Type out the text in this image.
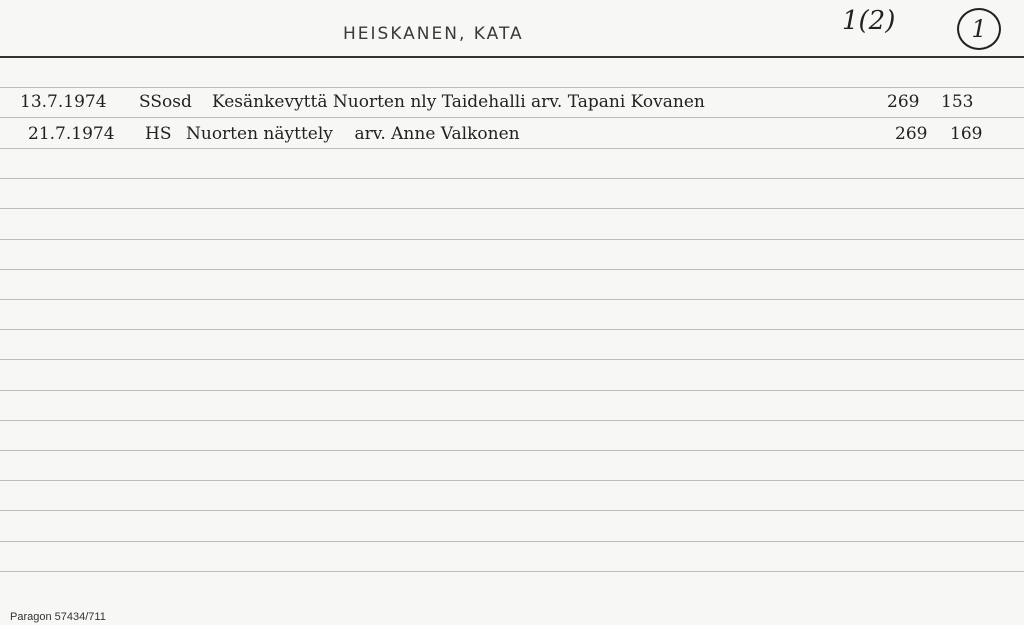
HEISKANEN, KATA	1(2)	1
13.7.1974 SSosd Kesänkevyttä Nuorten nly Taidehalli arv. Tapani Kovanen	269 153
21.7.1974 HS Nuorten näyttely    arv. Anne Valkonen	269 169
Paragon 57434/711
